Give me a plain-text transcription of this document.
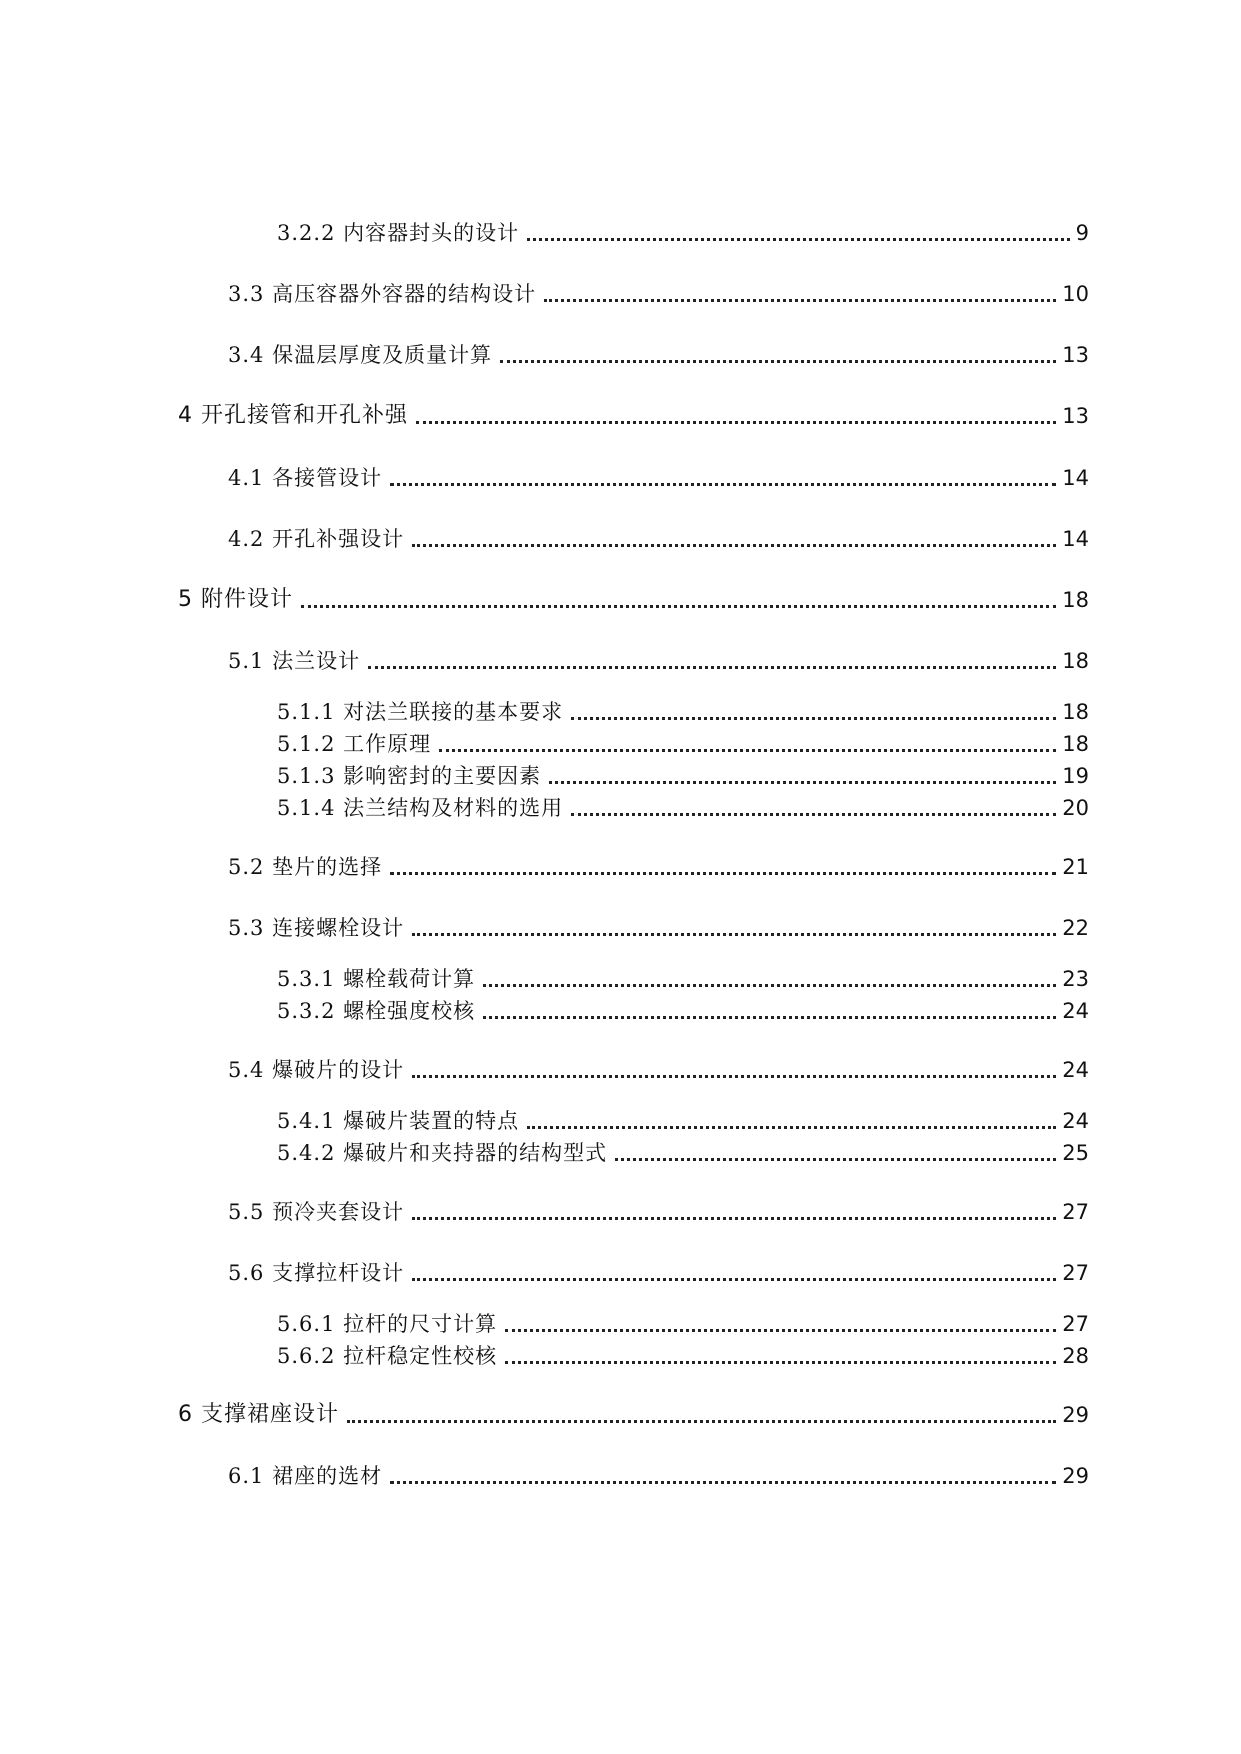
3.2.2 内容器封头的设计	9
3.3 高压容器外容器的结构设计	10
3.4 保温层厚度及质量计算	13
4 开孔接管和开孔补强	13
4.1 各接管设计	14
4.2 开孔补强设计	14
5 附件设计	18
5.1 法兰设计	18
5.1.1 对法兰联接的基本要求	18
5.1.2 工作原理	18
5.1.3 影响密封的主要因素	19
5.1.4 法兰结构及材料的选用	20
5.2 垫片的选择	21
5.3 连接螺栓设计	22
5.3.1 螺栓载荷计算	23
5.3.2 螺栓强度校核	24
5.4 爆破片的设计	24
5.4.1 爆破片装置的特点	24
5.4.2 爆破片和夹持器的结构型式	25
5.5 预冷夹套设计	27
5.6 支撑拉杆设计	27
5.6.1 拉杆的尺寸计算	27
5.6.2 拉杆稳定性校核	28
6 支撑裙座设计	29
6.1 裙座的选材	29
